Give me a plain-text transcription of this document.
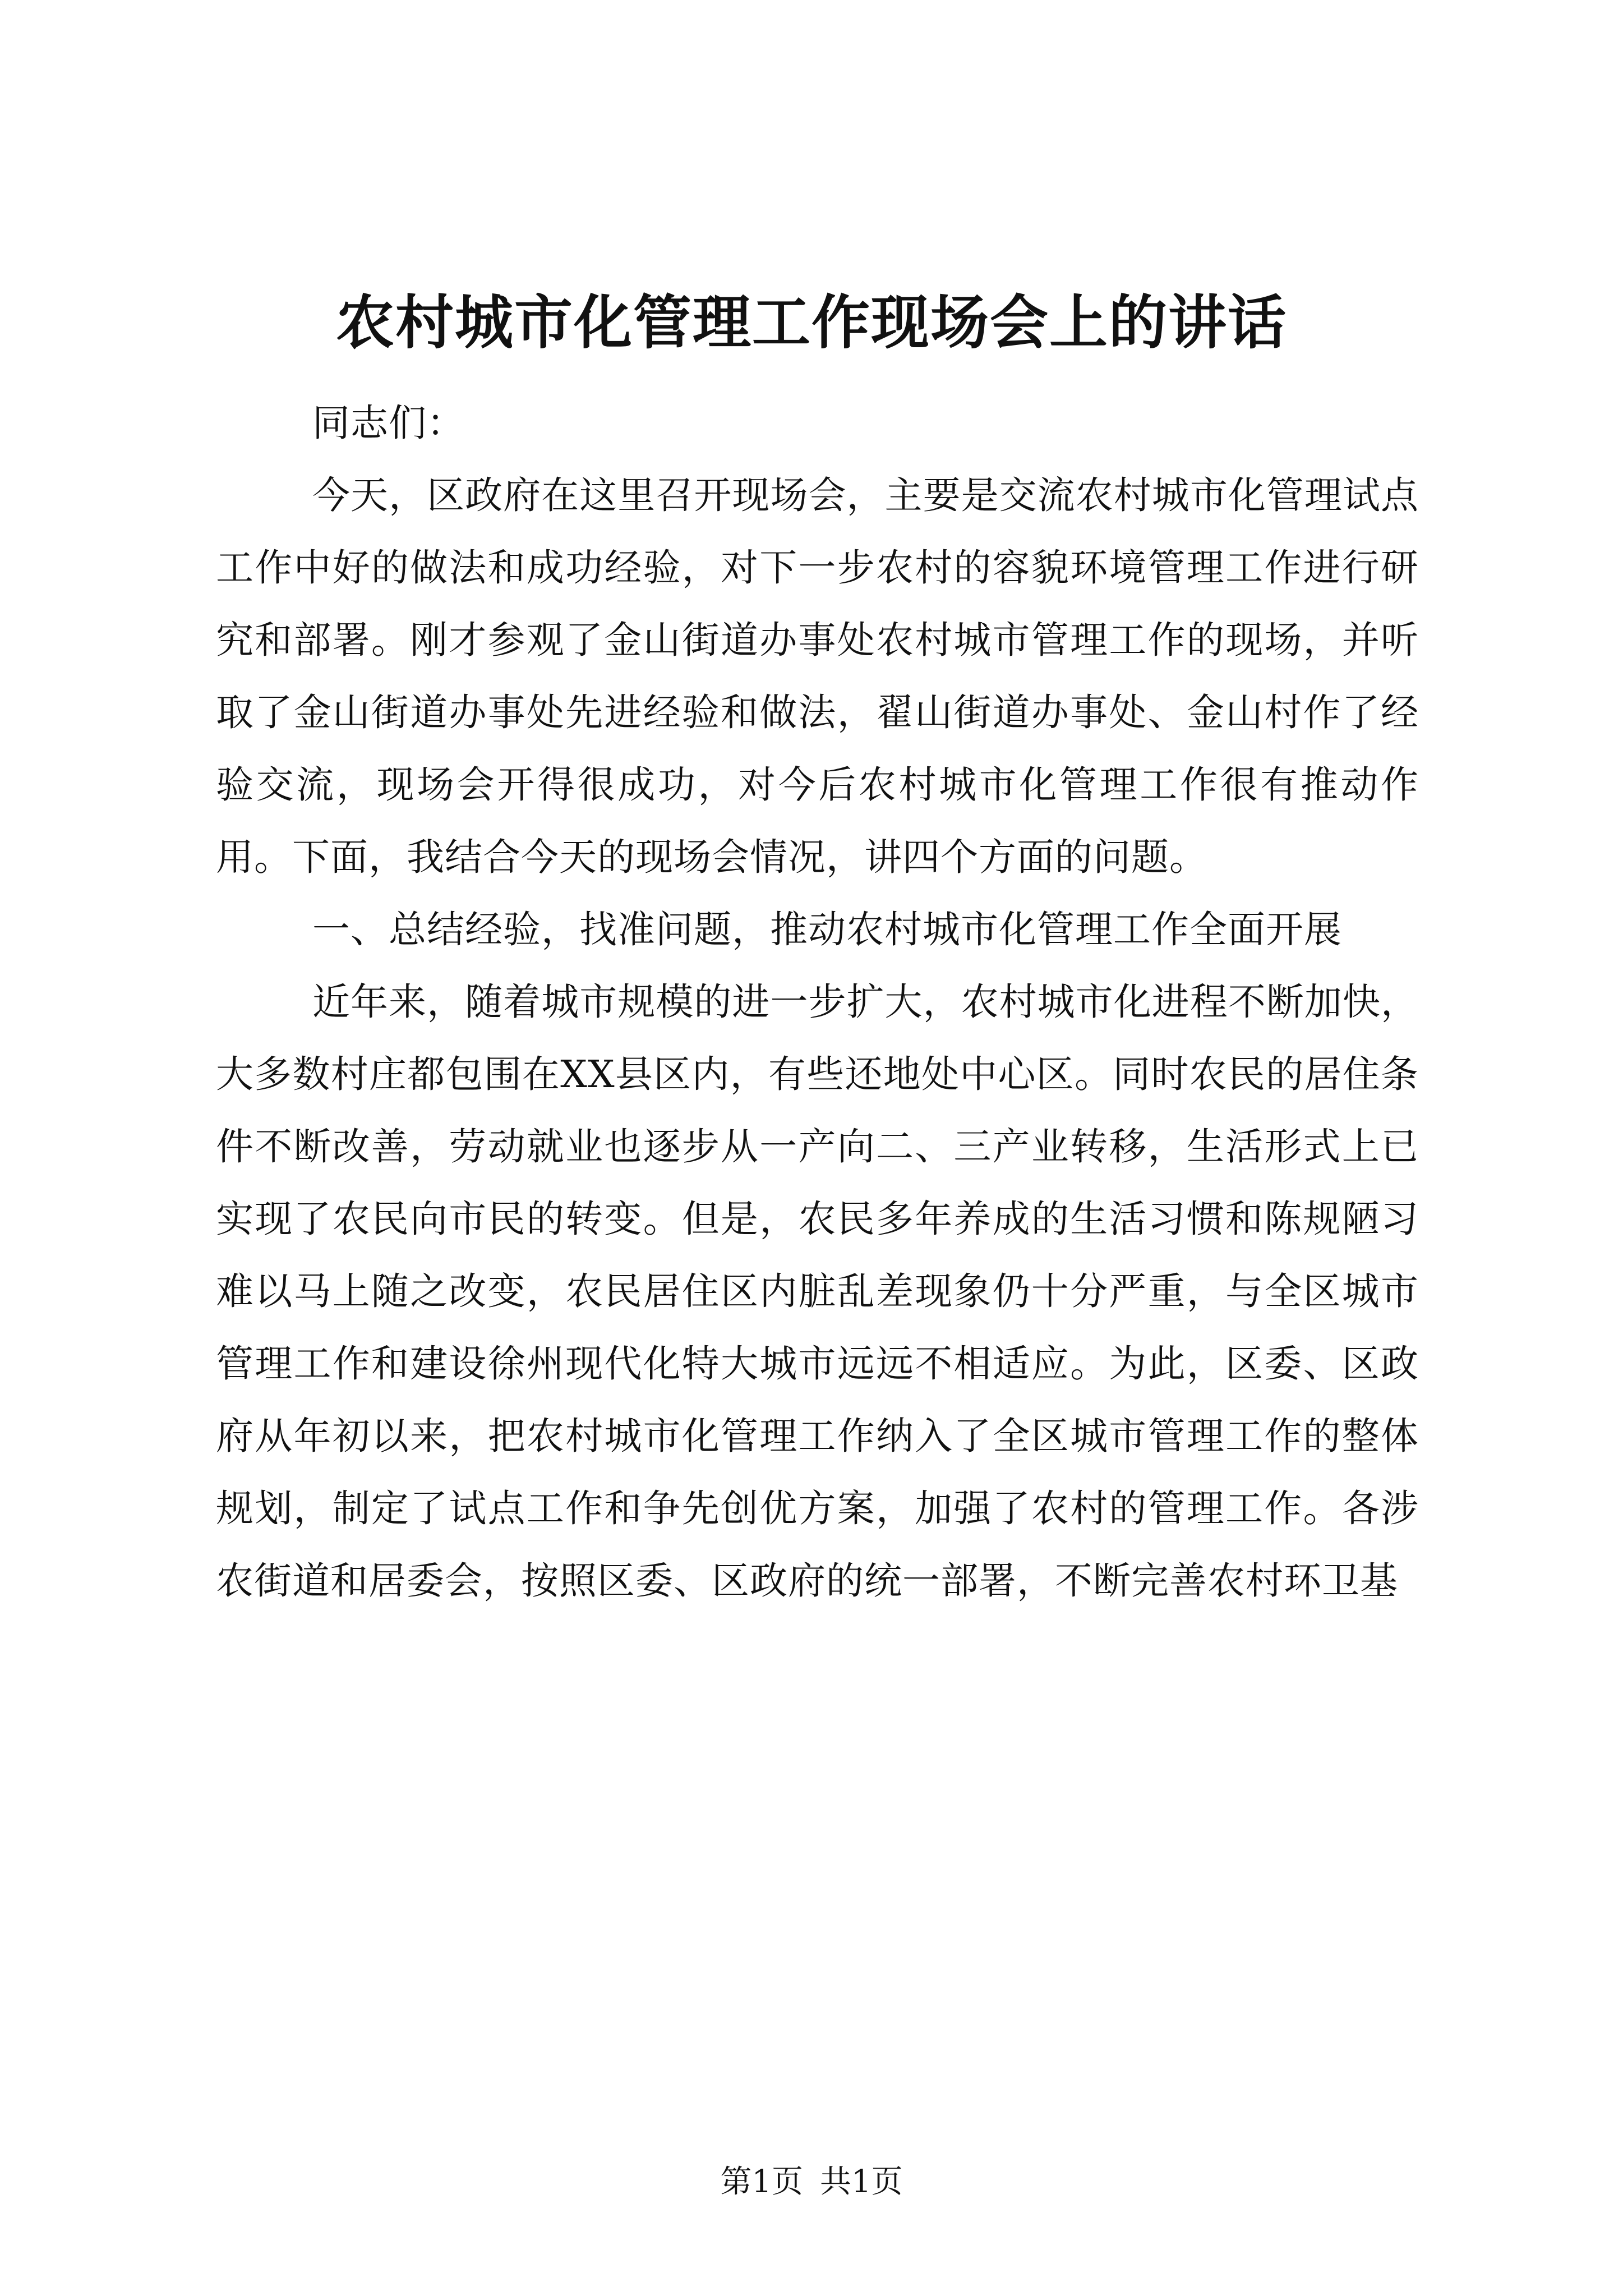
农村城市化管理工作现场会上的讲话

同志们：

今天，区政府在这里召开现场会，主要是交流农村城市化管理试点工作中好的做法和成功经验，对下一步农村的容貌环境管理工作进行研究和部署。刚才参观了金山街道办事处农村城市管理工作的现场，并听取了金山街道办事处先进经验和做法，翟山街道办事处、金山村作了经验交流，现场会开得很成功，对今后农村城市化管理工作很有推动作用。下面，我结合今天的现场会情况，讲四个方面的问题。

一、总结经验，找准问题，推动农村城市化管理工作全面开展

近年来，随着城市规模的进一步扩大，农村城市化进程不断加快，大多数村庄都包围在XX县区内，有些还地处中心区。同时农民的居住条件不断改善，劳动就业也逐步从一产向二、三产业转移，生活形式上已实现了农民向市民的转变。但是，农民多年养成的生活习惯和陈规陋习难以马上随之改变，农民居住区内脏乱差现象仍十分严重，与全区城市管理工作和建设徐州现代化特大城市远远不相适应。为此，区委、区政府从年初以来，把农村城市化管理工作纳入了全区城市管理工作的整体规划，制定了试点工作和争先创优方案，加强了农村的管理工作。各涉农街道和居委会，按照区委、区政府的统一部署，不断完善农村环卫基

第1页 共1页
